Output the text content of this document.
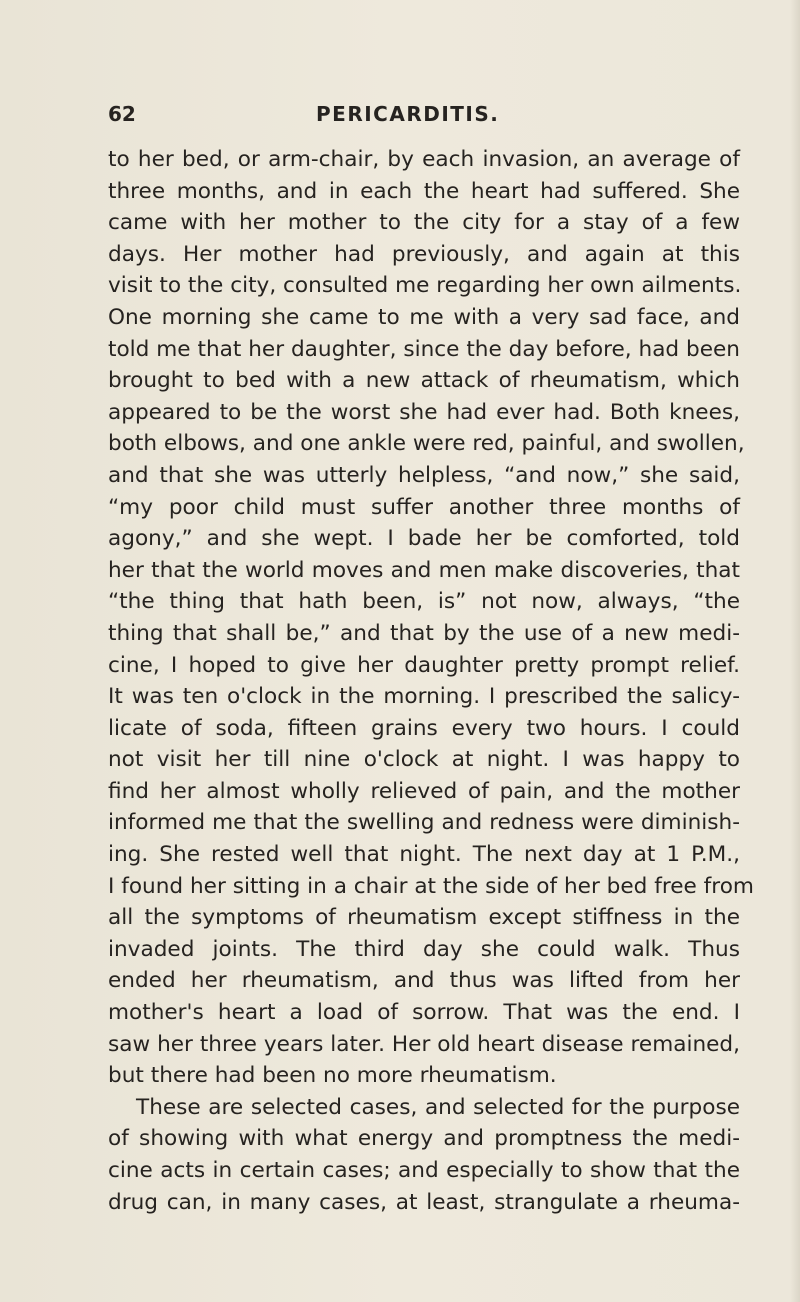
62	PERICARDITIS.
to her bed, or arm-chair, by each invasion, an average of
three months, and in each the heart had suffered. She
came with her mother to the city for a stay of a few
days. Her mother had previously, and again at this
visit to the city, consulted me regarding her own ailments.
One morning she came to me with a very sad face, and
told me that her daughter, since the day before, had been
brought to bed with a new attack of rheumatism, which
appeared to be the worst she had ever had. Both knees,
both elbows, and one ankle were red, painful, and swollen,
and that she was utterly helpless, “and now,” she said,
“my poor child must suffer another three months of
agony,” and she wept. I bade her be comforted, told
her that the world moves and men make discoveries, that
“the thing that hath been, is” not now, always, “the
thing that shall be,” and that by the use of a new medi-
cine, I hoped to give her daughter pretty prompt relief.
It was ten o'clock in the morning. I prescribed the salicy-
licate of soda, fifteen grains every two hours. I could
not visit her till nine o'clock at night. I was happy to
find her almost wholly relieved of pain, and the mother
informed me that the swelling and redness were diminish-
ing. She rested well that night. The next day at 1 P.M.,
I found her sitting in a chair at the side of her bed free from
all the symptoms of rheumatism except stiffness in the
invaded joints. The third day she could walk. Thus
ended her rheumatism, and thus was lifted from her
mother's heart a load of sorrow. That was the end. I
saw her three years later. Her old heart disease remained,
but there had been no more rheumatism.
These are selected cases, and selected for the purpose
of showing with what energy and promptness the medi-
cine acts in certain cases; and especially to show that the
drug can, in many cases, at least, strangulate a rheuma-
